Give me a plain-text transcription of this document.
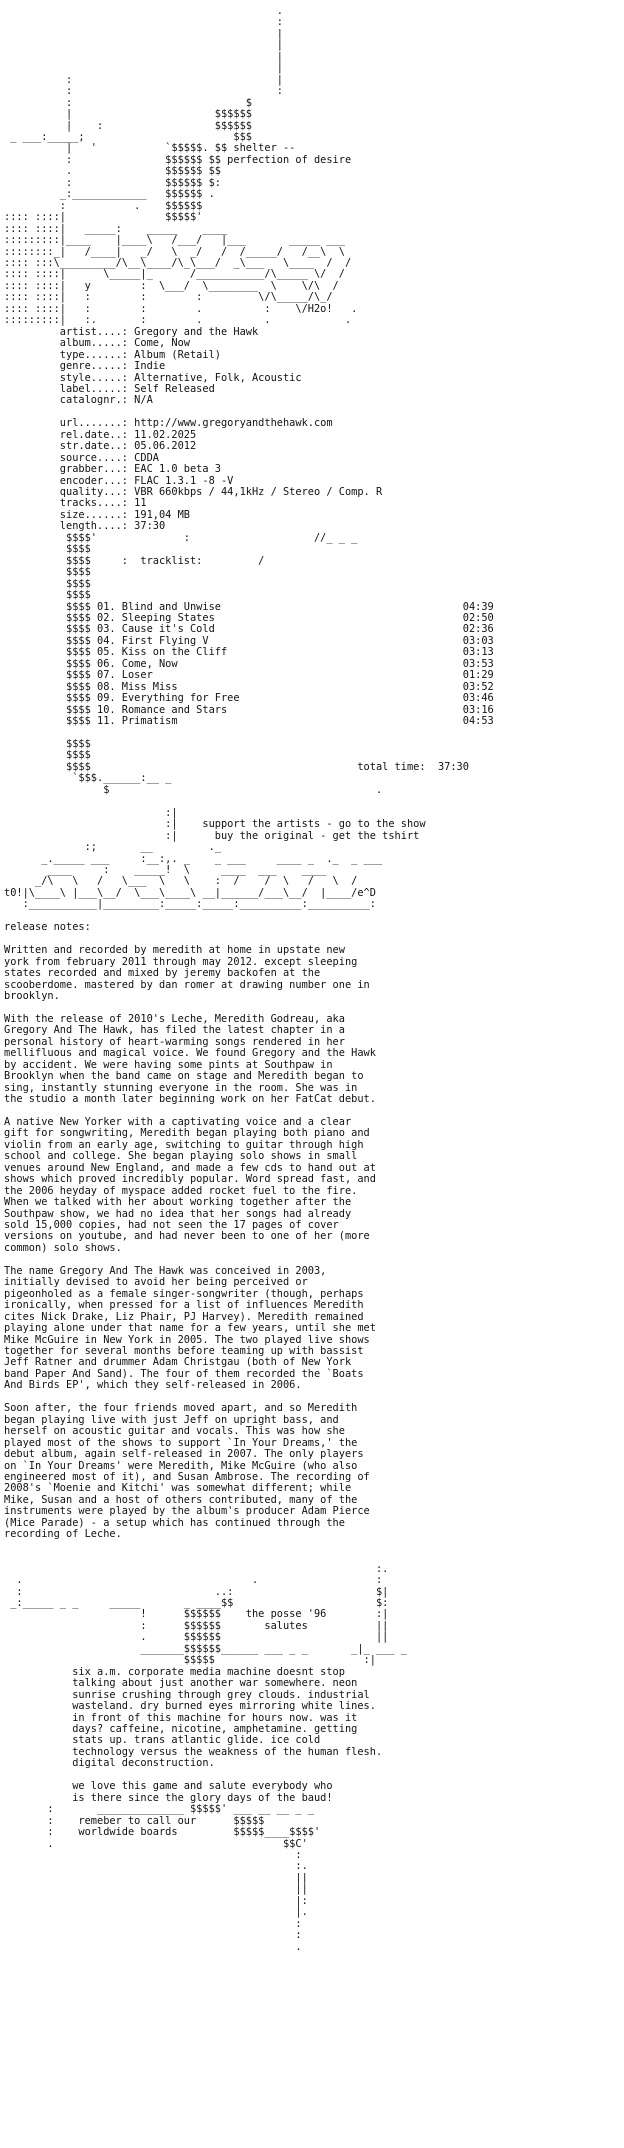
.
:
|
|
|
|
:                                 |
:                                 :
:                            $
|                       $$$$$$
|    :                  $$$$$$
_ ___:_____;                        $$$
|   '           `$$$$$. $$ shelter --
:               $$$$$$ $$ perfection of desire
.               $$$$$$ $$
:               $$$$$$ $:
_:____________   $$$$$$ .
:           .    $$$$$$
:::: ::::|                $$$$$'
:::: ::::|   _____:    _____    ____
:::::::::|____    |____\   /___/   |___       _____ ___
::::::::_|   /____|   _/   \  _/   /  /_____/   /__\  \
:::: :::\_________/\__\____/\_\___/  _\___   \____  /  /
:::: ::::|      \_____|_      /___________/\_____ \/  /
:::: ::::|   y        :  \___/  \________  \    \/\  /
:::: ::::|   :        :        :         \/\_____/\_/
:::: ::::|   :        :        .          :    \/H2o!   .
:::::::::|   :.       :        .          .            .
artist....: Gregory and the Hawk
album.....: Come, Now
type......: Album (Retail)
genre.....: Indie
style.....: Alternative, Folk, Acoustic
label.....: Self Released
catalognr.: N/A

url.......: http://www.gregoryandthehawk.com
rel.date..: 11.02.2025
str.date..: 05.06.2012
source....: CDDA
grabber...: EAC 1.0 beta 3
encoder...: FLAC 1.3.1 -8 -V
quality...: VBR 660kbps / 44,1kHz / Stereo / Comp. R
tracks....: 11
size......: 191,04 MB
length....: 37:30
$$$$'              :                    //_ _ _
$$$$
$$$$     :  tracklist:         /
$$$$
$$$$
$$$$
$$$$ 01. Blind and Unwise                                       04:39
$$$$ 02. Sleeping States                                        02:50
$$$$ 03. Cause it's Cold                                        02:36
$$$$ 04. First Flying V                                         03:03
$$$$ 05. Kiss on the Cliff                                      03:13
$$$$ 06. Come, Now                                              03:53
$$$$ 07. Loser                                                  01:29
$$$$ 08. Miss Miss                                              03:52
$$$$ 09. Everything for Free                                    03:46
$$$$ 10. Romance and Stars                                      03:16
$$$$ 11. Primatism                                              04:53

$$$$
$$$$
$$$$                                           total time:  37:30
`$$$.______:__ _
$                                           .

:|
:|    support the artists - go to the show
:|      buy the original - get the tshirt
:;       __         ._
_._____ ___     :__:,. _    _ ___     ____ _  ._  _ ___
____     :    _____!  \     ____  ___    ____
_/\   \   /   \___  \   \    :  /    /  \   /   \  /
t0!|\____\ |___\__/  \___\____\ __|______/___\__/  |____/e^D
:___________|_________:_____:_____:__________:__________:

release notes:

Written and recorded by meredith at home in upstate new
york from february 2011 through may 2012. except sleeping
states recorded and mixed by jeremy backofen at the
scooberdome. mastered by dan romer at drawing number one in
brooklyn.

With the release of 2010's Leche, Meredith Godreau, aka
Gregory And The Hawk, has filed the latest chapter in a
personal history of heart-warming songs rendered in her
mellifluous and magical voice. We found Gregory and the Hawk
by accident. We were having some pints at Southpaw in
Brooklyn when the band came on stage and Meredith began to
sing, instantly stunning everyone in the room. She was in
the studio a month later beginning work on her FatCat debut.

A native New Yorker with a captivating voice and a clear
gift for songwriting, Meredith began playing both piano and
violin from an early age, switching to guitar through high
school and college. She began playing solo shows in small
venues around New England, and made a few cds to hand out at
shows which proved incredibly popular. Word spread fast, and
the 2006 heyday of myspace added rocket fuel to the fire.
When we talked with her about working together after the
Southpaw show, we had no idea that her songs had already
sold 15,000 copies, had not seen the 17 pages of cover
versions on youtube, and had never been to one of her (more
common) solo shows.

The name Gregory And The Hawk was conceived in 2003,
initially devised to avoid her being perceived or
pigeonholed as a female singer-songwriter (though, perhaps
ironically, when pressed for a list of influences Meredith
cites Nick Drake, Liz Phair, PJ Harvey). Meredith remained
playing alone under that name for a few years, until she met
Mike McGuire in New York in 2005. The two played live shows
together for several months before teaming up with bassist
Jeff Ratner and drummer Adam Christgau (both of New York
band Paper And Sand). The four of them recorded the `Boats
And Birds EP', which they self-released in 2006.

Soon after, the four friends moved apart, and so Meredith
began playing live with just Jeff on upright bass, and
herself on acoustic guitar and vocals. This was how she
played most of the shows to support `In Your Dreams,' the
debut album, again self-released in 2007. The only players
on `In Your Dreams' were Meredith, Mike McGuire (who also
engineered most of it), and Susan Ambrose. The recording of
2008's `Moenie and Kitchi' was somewhat different; while
Mike, Susan and a host of others contributed, many of the
instruments were played by the album's producer Adam Pierce
(Mice Parade) - a setup which has continued through the
recording of Leche.

:.
.                                     .                   :
:                               ..:                       $|
_:_____ _ _     _____       _ ____$$                       $:
!      $$$$$$    the posse '96        :|
:      $$$$$$       salutes           ||
.      $$$$$$                         ||
_______$$$$$$______ ___ _ _       _|_ ___ _
$$$$$                        :|
six a.m. corporate media machine doesnt stop
talking about just another war somewhere. neon
sunrise crushing through grey clouds. industrial
wasteland. dry burned eyes mirroring white lines.
in front of this machine for hours now. was it
days? caffeine, nicotine, amphetamine. getting
stats up. trans atlantic glide. ice cold
technology versus the weakness of the human flesh.
digital deconstruction.

we love this game and salute everybody who
is there since the glory days of the baud!
:       ______________ $$$$$' ___ __ __ _ _
:    remeber to call our      $$$$$
:    worldwide boards         $$$$$____$$$$'
.                                     $$C'
:
:.
||
||
|:
|.
:
:
.
